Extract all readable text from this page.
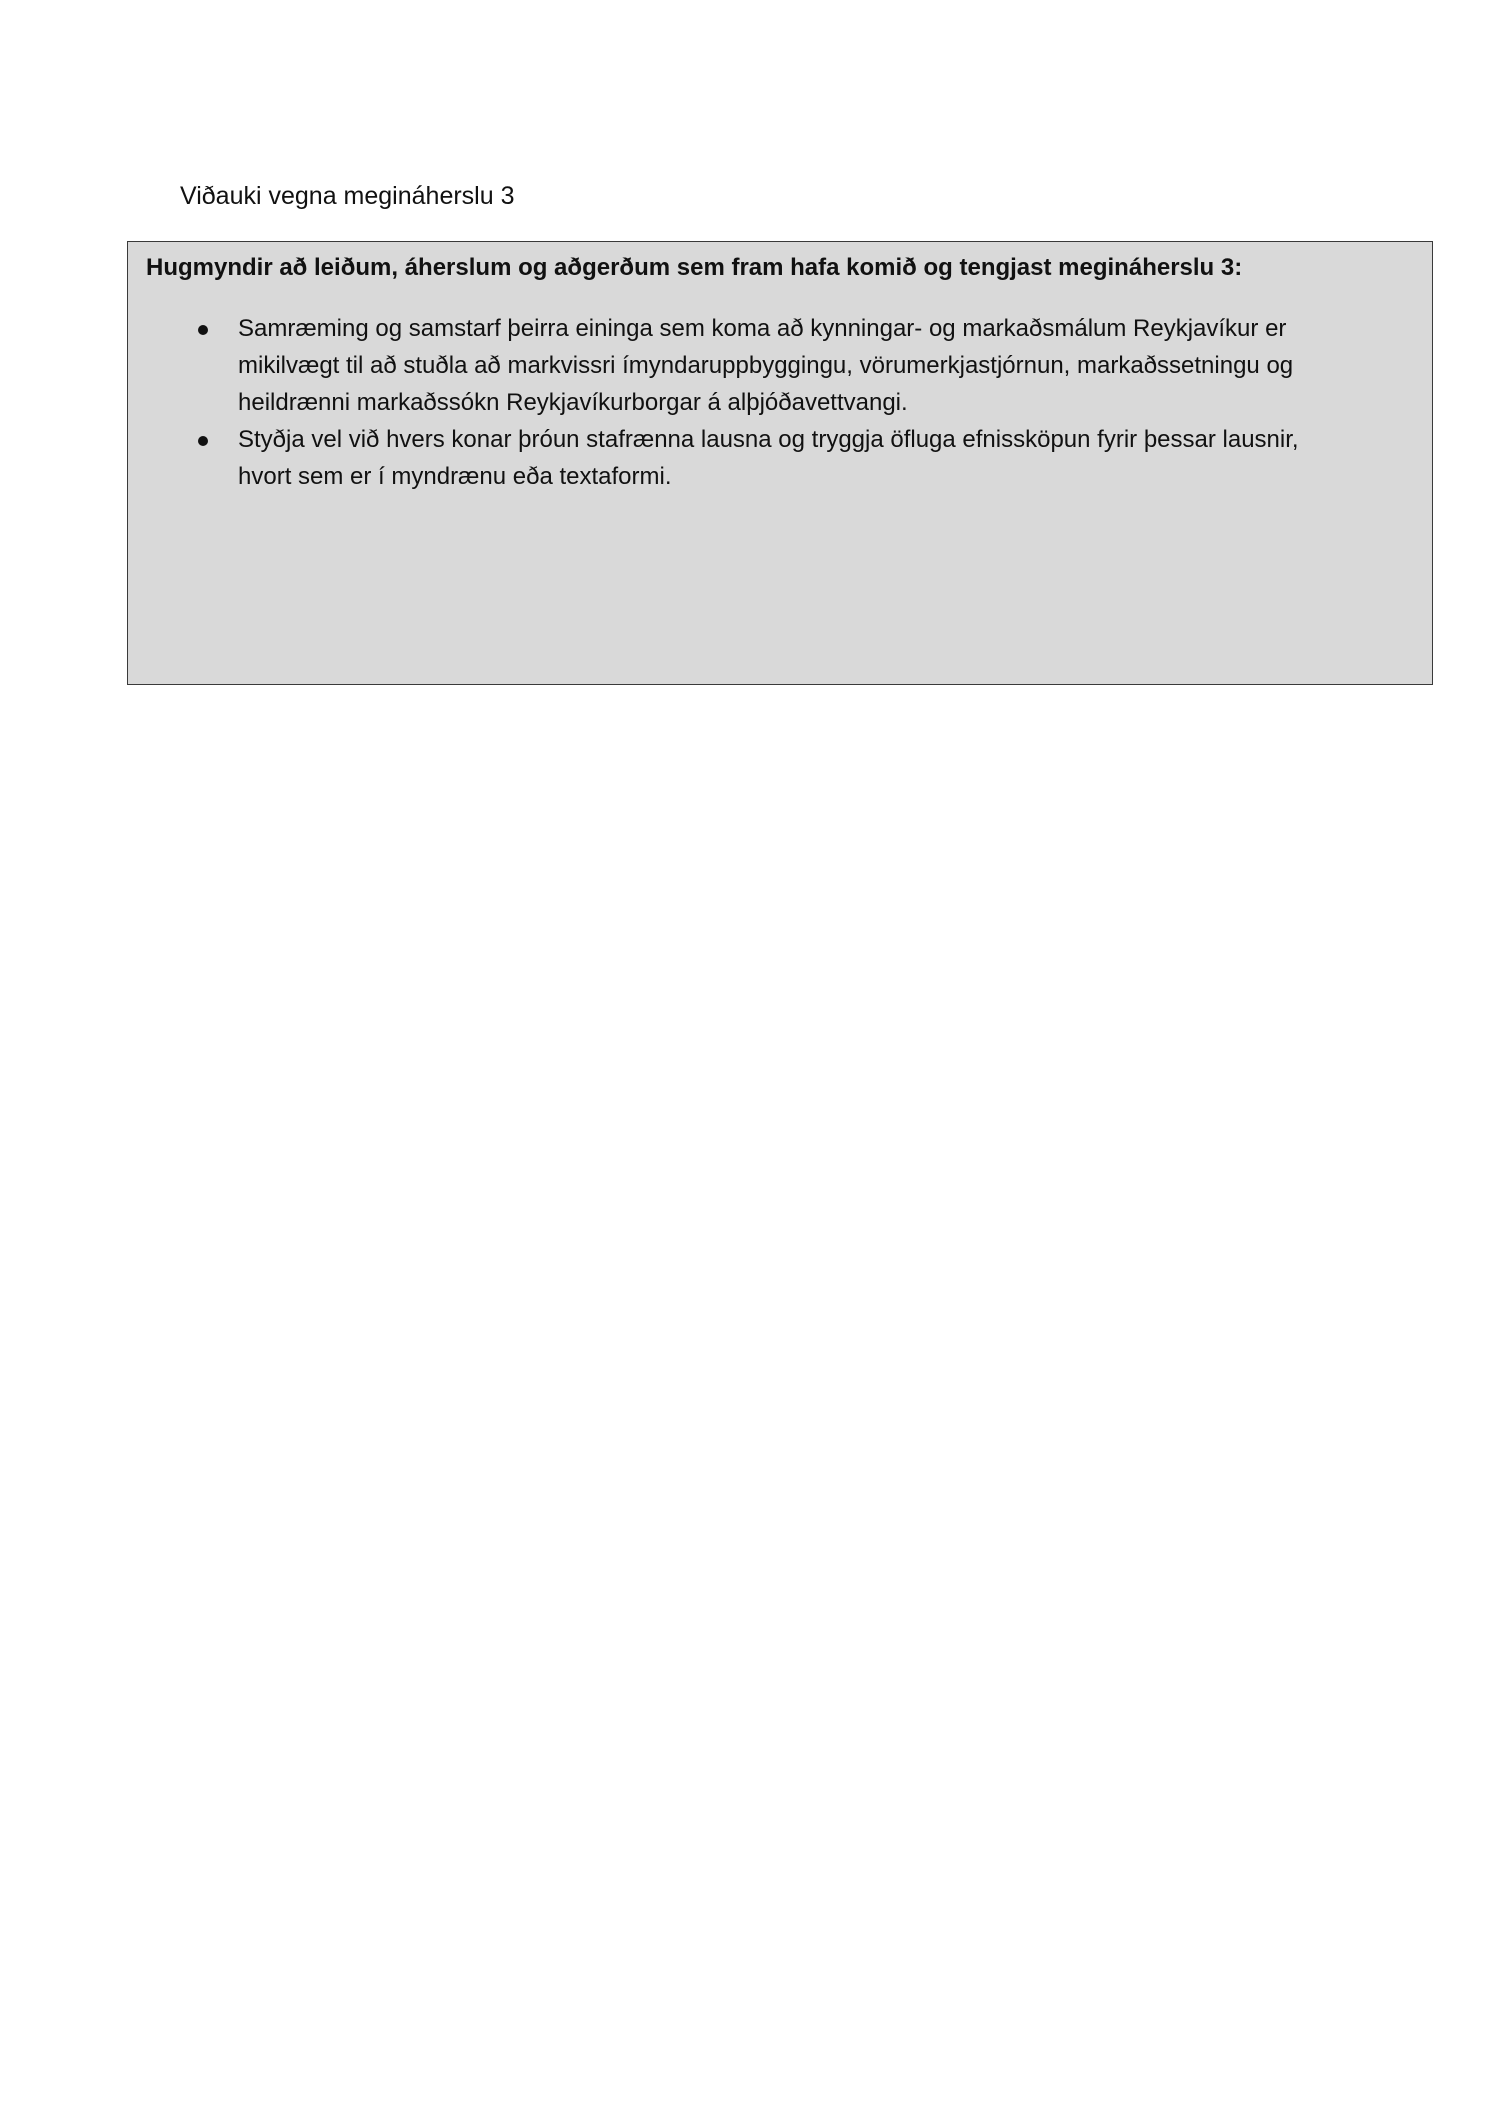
Viðauki vegna megináherslu 3
Hugmyndir að leiðum, áherslum og aðgerðum sem fram hafa komið og tengjast megináherslu 3:
Samræming og samstarf þeirra eininga sem koma að kynningar- og markaðsmálum Reykjavíkur er
mikilvægt til að stuðla að markvissri ímyndaruppbyggingu, vörumerkjastjórnun, markaðssetningu og
heildrænni markaðssókn Reykjavíkurborgar á alþjóðavettvangi.
Styðja vel við hvers konar þróun stafrænna lausna og tryggja öfluga efnissköpun fyrir þessar lausnir,
hvort sem er í myndrænu eða textaformi.
